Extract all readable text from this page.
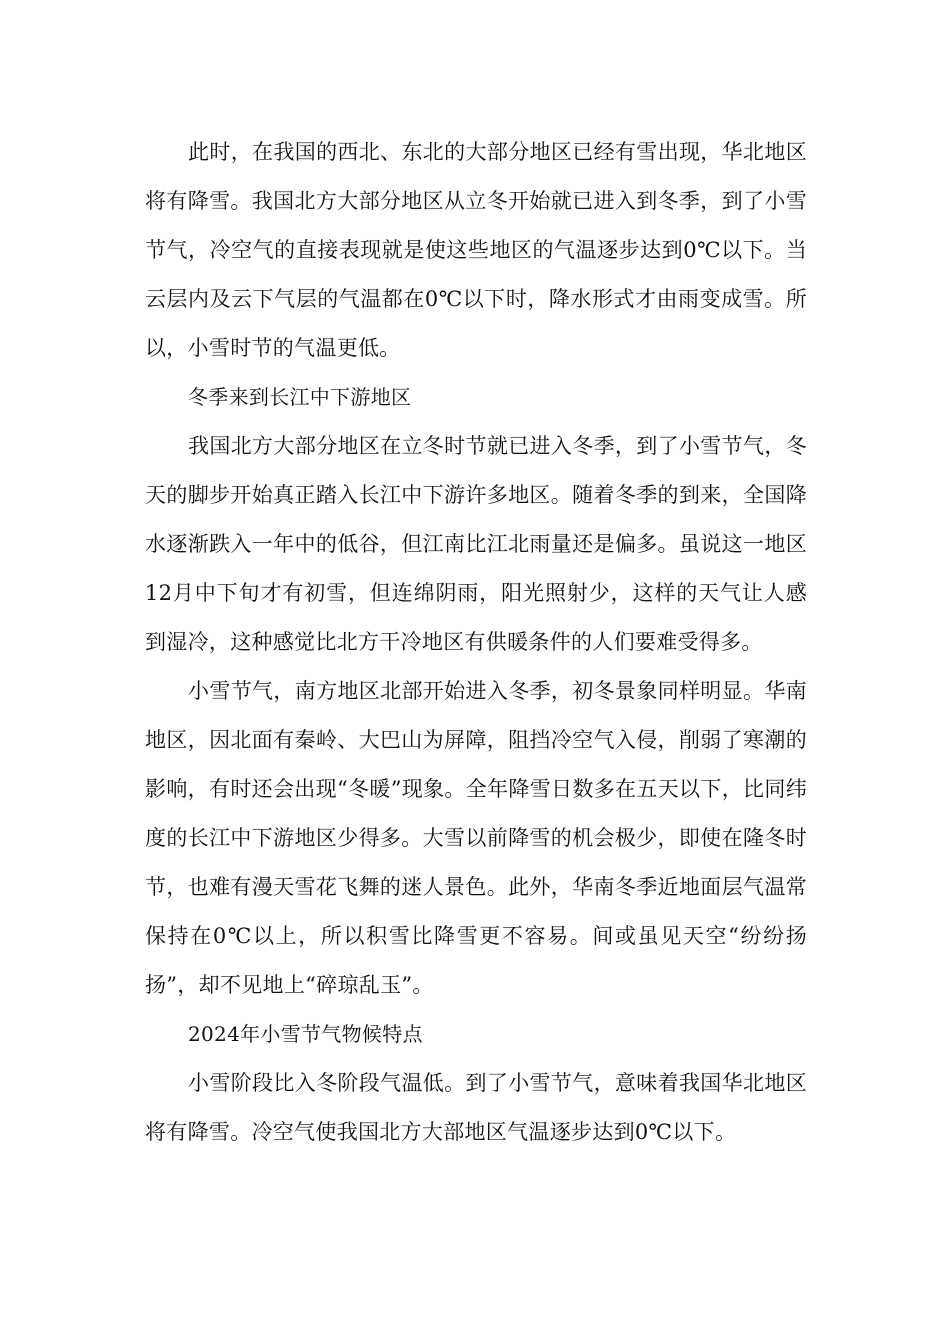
此时，在我国的西北、东北的大部分地区已经有雪出现，华北地区将有降雪。我国北方大部分地区从立冬开始就已进入到冬季，到了小雪节气，冷空气的直接表现就是使这些地区的气温逐步达到0℃以下。当云层内及云下气层的气温都在0℃以下时，降水形式才由雨变成雪。所以，小雪时节的气温更低。

冬季来到长江中下游地区

我国北方大部分地区在立冬时节就已进入冬季，到了小雪节气，冬天的脚步开始真正踏入长江中下游许多地区。随着冬季的到来，全国降水逐渐跌入一年中的低谷，但江南比江北雨量还是偏多。虽说这一地区12月中下旬才有初雪，但连绵阴雨，阳光照射少，这样的天气让人感到湿冷，这种感觉比北方干冷地区有供暖条件的人们要难受得多。

小雪节气，南方地区北部开始进入冬季，初冬景象同样明显。华南地区，因北面有秦岭、大巴山为屏障，阻挡冷空气入侵，削弱了寒潮的影响，有时还会出现“冬暖”现象。全年降雪日数多在五天以下，比同纬度的长江中下游地区少得多。大雪以前降雪的机会极少，即使在隆冬时节，也难有漫天雪花飞舞的迷人景色。此外，华南冬季近地面层气温常保持在0℃以上，所以积雪比降雪更不容易。间或虽见天空“纷纷扬扬”，却不见地上“碎琼乱玉”。

2024年小雪节气物候特点

小雪阶段比入冬阶段气温低。到了小雪节气，意味着我国华北地区将有降雪。冷空气使我国北方大部地区气温逐步达到0℃以下。
